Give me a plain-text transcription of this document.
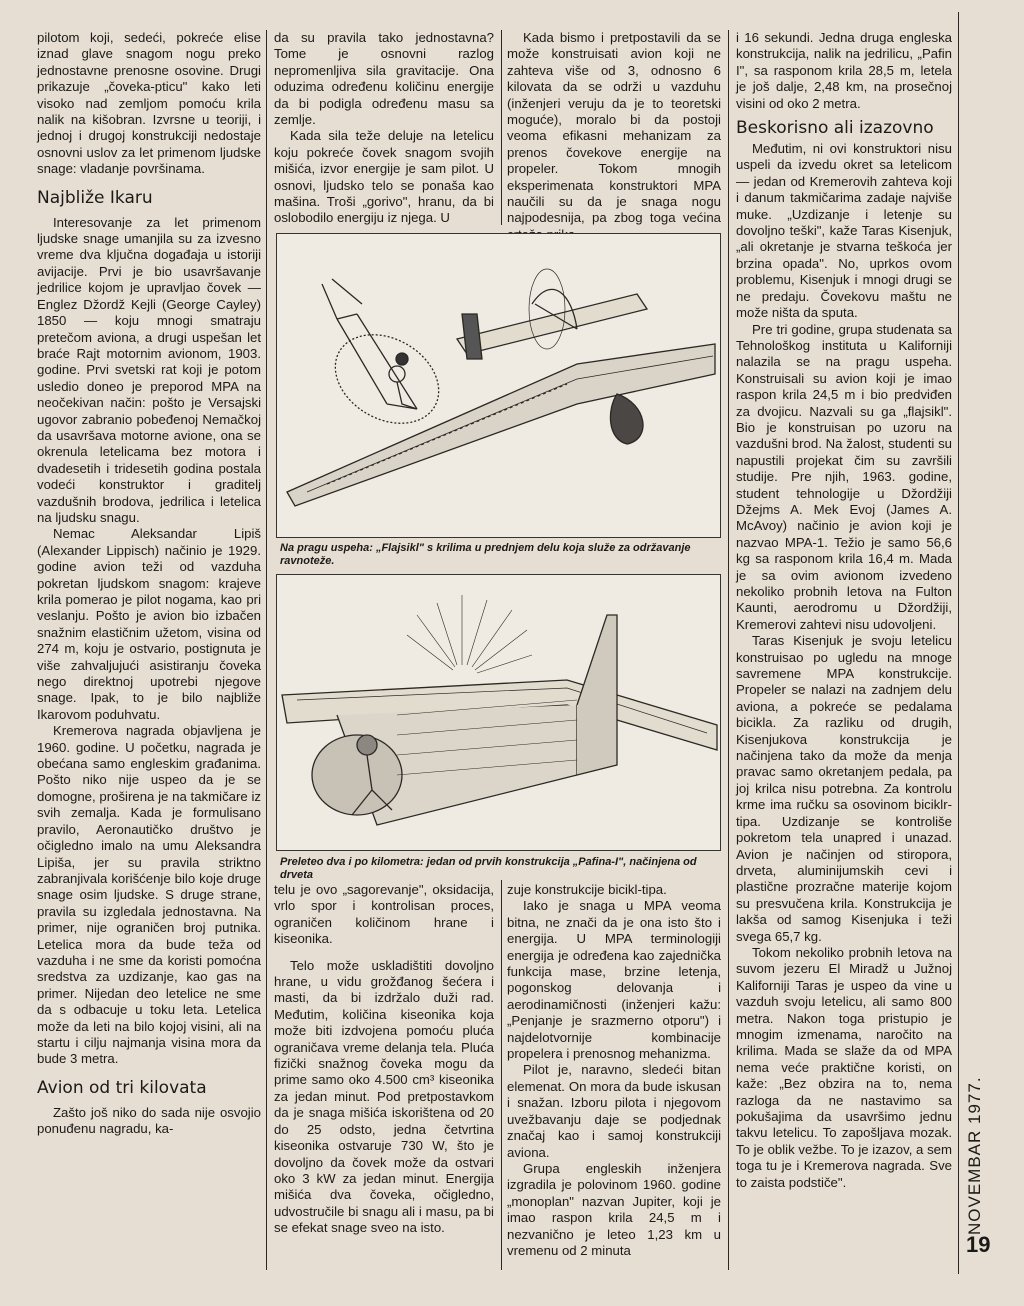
pilotom koji, sedeći, pokreće elise iznad glave snagom nogu preko jednostavne prenosne osovine. Drugi prikazuje „čoveka-pticu" kako leti visoko nad zemljom pomoću krila nalik na kišobran. Izvrsne u teoriji, i jednoj i drugoj konstrukciji nedostaje osnovni uslov za let primenom ljudske snage: vladanje površinama.

Najbliže Ikaru

Interesovanje za let primenom ljudske snage umanjila su za izvesno vreme dva ključna događaja u istoriji avijacije. Prvi je bio usavršavanje jedrilice kojom je upravljao čovek — Englez Džordž Kejli (George Cayley) 1850 — koju mnogi smatraju pretečom aviona, a drugi uspešan let braće Rajt motornim avionom, 1903. godine. Prvi svetski rat koji je potom usledio doneo je preporod MPA na neočekivan način: pošto je Versajski ugovor zabranio pobeđenoj Nemačkoj da usavršava motorne avione, ona se okrenula letelicama bez motora i dvadesetih i tridesetih godina postala vodeći konstruktor i graditelj vazdušnih brodova, jedrilica i letelica na ljudsku snagu.

Nemac Aleksandar Lipiš (Alexander Lippisch) načinio je 1929. godine avion teži od vazduha pokretan ljudskom snagom: krajeve krila pomerao je pilot nogama, kao pri veslanju. Pošto je avion bio izbačen snažnim elastičnim užetom, visina od 274 m, koju je ostvario, postignuta je više zahvaljujući asistiranju čoveka nego direktnoj upotrebi njegove snage. Ipak, to je bilo najbliže Ikarovom poduhvatu.

Kremerova nagrada objavljena je 1960. godine. U početku, nagrada je obećana samo engleskim građanima. Pošto niko nije uspeo da je se domogne, proširena je na takmičare iz svih zemalja. Kada je formulisano pravilo, Aeronautičko društvo je očigledno imalo na umu Aleksandra Lipiša, jer su pravila striktno zabranjivala korišćenje bilo koje druge snage osim ljudske. S druge strane, pravila su izgledala jednostavna. Na primer, nije ograničen broj putnika. Letelica mora da bude teža od vazduha i ne sme da koristi pomoćna sredstva za uzdizanje, kao gas na primer. Nijedan deo letelice ne sme da s odbacuje u toku leta. Letelica može da leti na bilo kojoj visini, ali na startu i cilju najmanja visina mora da bude 3 metra.

Avion od tri kilovata

Zašto još niko do sada nije osvojio ponuđenu nagradu, ka-

da su pravila tako jednostavna? Tome je osnovni razlog nepromenljiva sila gravitacije. Ona oduzima određenu količinu energije da bi podigla određenu masu sa zemlje.

Kada sila teže deluje na letelicu koju pokreće čovek snagom svojih mišića, izvor energije je sam pilot. U osnovi, ljudsko telo se ponaša kao mašina. Troši „gorivo", hranu, da bi oslobodilo energiju iz njega. U

Kada bismo i pretpostavili da se može konstruisati avion koji ne zahteva više od 3, odnosno 6 kilovata da se održi u vazduhu (inženjeri veruju da je to teoretski moguće), moralo bi da postoji veoma efikasni mehanizam za prenos čovekove energije na propeler. Tokom mnogih eksperimenata konstruktori MPA naučili su da je snaga nogu najpodesnija, pa zbog toga većina

Na pragu uspeha: „Flajsikl" s krilima u prednjem delu koja služe za održavanje ravnoteže.
Preleteo dva i po kilometra: jedan od prvih konstrukcija „Pafina-I", načinjena od drveta

telu je ovo „sagorevanje", oksidacija, vrlo spor i kontrolisan proces, ograničen količinom hrane i kiseonika.

Telo može uskladištiti dovoljno hrane, u vidu grožđanog šećera i masti, da bi izdržalo duži rad. Međutim, količina kiseonika koja može biti izdvojena pomoću pluća ograničava vreme delanja tela. Pluća fizički snažnog čoveka mogu da prime samo oko 4.500 cm³ kiseonika za jedan minut. Pod pretpostavkom da je snaga mišića iskorištena od 20 do 25 odsto, jedna četvrtina kiseonika ostvaruje 730 W, što je dovoljno da čovek može da ostvari oko 3 kW za jedan minut. Energija mišića dva čoveka, očigledno, udvostručile bi snagu ali i masu, pa bi se efekat snage sveo na isto.

zuje konstrukcije bicikl-tipa.

Iako je snaga u MPA veoma bitna, ne znači da je ona isto što i energija. U MPA terminologiji energija je određena kao zajednička funkcija mase, brzine letenja, pogonskog delovanja i aerodinamičnosti (inženjeri kažu: „Penjanje je srazmerno otporu") i najdelotvornije kombinacije propelera i prenosnog mehanizma.

Pilot je, naravno, sledeći bitan elemenat. On mora da bude iskusan i snažan. Izboru pilota i njegovom uvežbavanju daje se podjednak značaj kao i samoj konstrukciji aviona.

Grupa engleskih inženjera izgradila je polovinom 1960. godine „monoplan" nazvan Jupiter, koji je imao raspon krila 24,5 m i nezvanično je leteo 1,23 km u vremenu od 2 minuta

i 16 sekundi. Jedna druga engleska konstrukcija, nalik na jedrilicu, „Pafin I", sa rasponom krila 28,5 m, letela je još dalje, 2,48 km, na prosečnoj visini od oko 2 metra.

Beskorisno ali izazovno

Međutim, ni ovi konstruktori nisu uspeli da izvedu okret sa letelicom — jedan od Kremerovih zahteva koji i danum takmičarima zadaje najviše muke. „Uzdizanje i letenje su dovoljno teški", kaže Taras Kisenjuk, „ali okretanje je stvarna teškoća jer brzina opada". No, uprkos ovom problemu, Kisenjuk i mnogi drugi se ne predaju. Čovekovu maštu ne može ništa da sputa.

Pre tri godine, grupa studenata sa Tehnološkog instituta u Kaliforniji nalazila se na pragu uspeha. Konstruisali su avion koji je imao raspon krila 24,5 m i bio predviđen za dvojicu. Nazvali su ga „flajsikl". Bio je konstruisan po uzoru na vazdušni brod. Na žalost, studenti su napustili projekat čim su završili studije. Pre njih, 1963. godine, student tehnologije u Džordžiji Džejms A. Mek Evoj (James A. McAvoy) načinio je avion koji je nazvao MPA-1. Težio je samo 56,6 kg sa rasponom krila 16,4 m. Mada je sa ovim avionom izvedeno nekoliko probnih letova na Fulton Kaunti, aerodromu u Džordžiji, Kremerovi zahtevi nisu udovoljeni.

Taras Kisenjuk je svoju letelicu konstruisao po ugledu na mnoge savremene MPA konstrukcije. Propeler se nalazi na zadnjem delu aviona, a pokreće se pedalama bicikla. Za razliku od drugih, Kisenjukova konstrukcija je načinjena tako da može da menja pravac samo okretanjem pedala, pa joj krilca nisu potrebna. Za kontrolu krme ima ručku sa osovinom biciklr-tipa. Uzdizanje se kontroliše pokretom tela unapred i unazad. Avion je načinjen od stiropora, drveta, aluminijumskih cevi i plastične prozračne materije kojom su presvučena krila. Konstrukcija je lakša od samog Kisenjuka i teži svega 65,7 kg.

Tokom nekoliko probnih letova na suvom jezeru El Miradž u Južnoj Kaliforniji Taras je uspeo da vine u vazduh svoju letelicu, ali samo 800 metra. Nakon toga pristupio je mnogim izmenama, naročito na krilima. Mada se slaže da od MPA nema veće praktične koristi, on kaže: „Bez obzira na to, nema razloga da ne nastavimo sa pokušajima da usavršimo jednu takvu letelicu. To zapošljava mozak. To je oblik vežbe. To je izazov, a sem toga tu je i Kremerova nagrada. Sve to zaista podstiče".	NOVEMBAR 1977.
19
